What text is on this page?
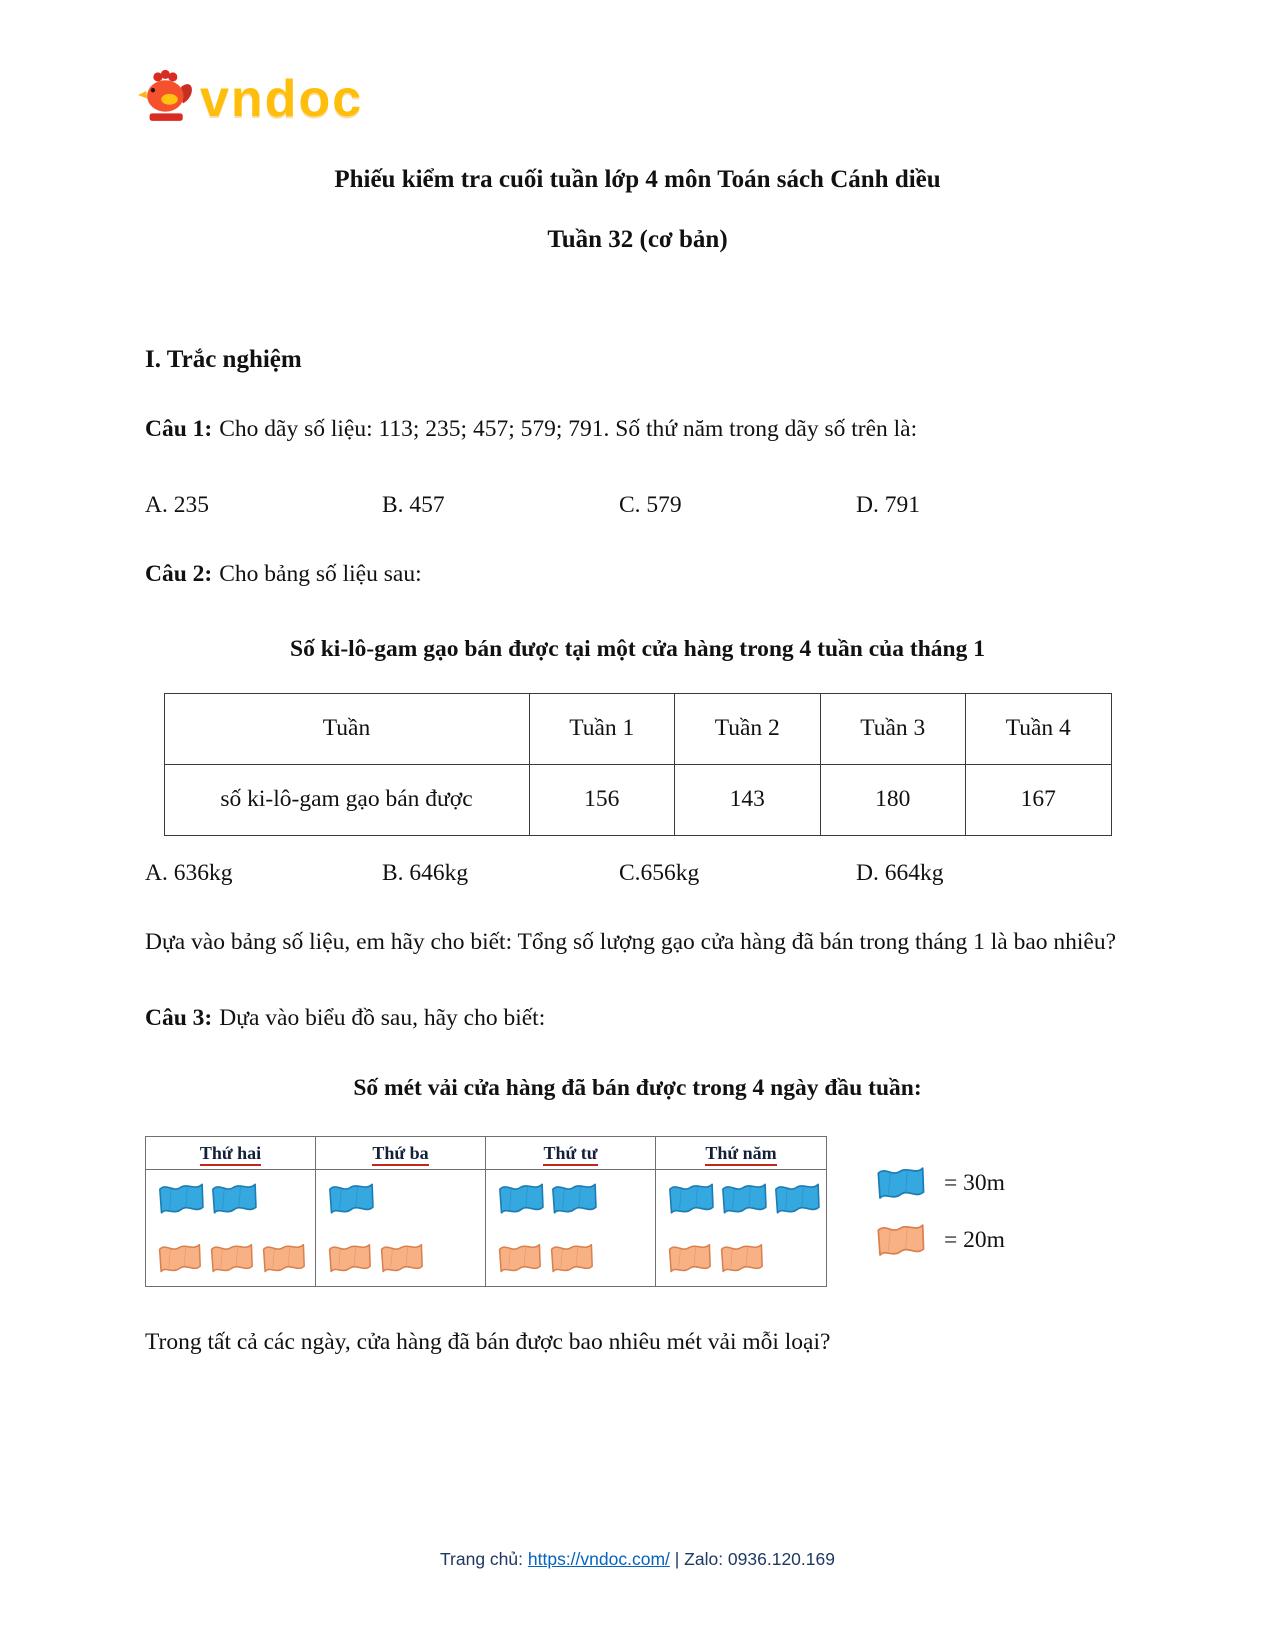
vndoc
Phiếu kiểm tra cuối tuần lớp 4 môn Toán sách Cánh diều
Tuần 32 (cơ bản)

I. Trắc nghiệm

Câu 1: Cho dãy số liệu: 113; 235; 457; 579; 791. Số thứ năm trong dãy số trên là:

A. 235	B. 457	C. 579	D. 791

Câu 2: Cho bảng số liệu sau:

Số ki-lô-gam gạo bán được tại một cửa hàng trong 4 tuần của tháng 1

Tuần	Tuần 1	Tuần 2	Tuần 3	Tuần 4
số ki-lô-gam gạo bán được	156	143	180	167
A. 636kg	B. 646kg	C.656kg	D. 664kg

Dựa vào bảng số liệu, em hãy cho biết: Tổng số lượng gạo cửa hàng đã bán trong tháng 1 là bao nhiêu?

Câu 3: Dựa vào biểu đồ sau, hãy cho biết:

Số mét vải cửa hàng đã bán được trong 4 ngày đầu tuần:

Thứ hai	Thứ ba	Thứ tư	Thứ năm
= 30m
= 20m

Trong tất cả các ngày, cửa hàng đã bán được bao nhiêu mét vải mỗi loại?

Trang chủ: https://vndoc.com/ | Zalo: 0936.120.169
